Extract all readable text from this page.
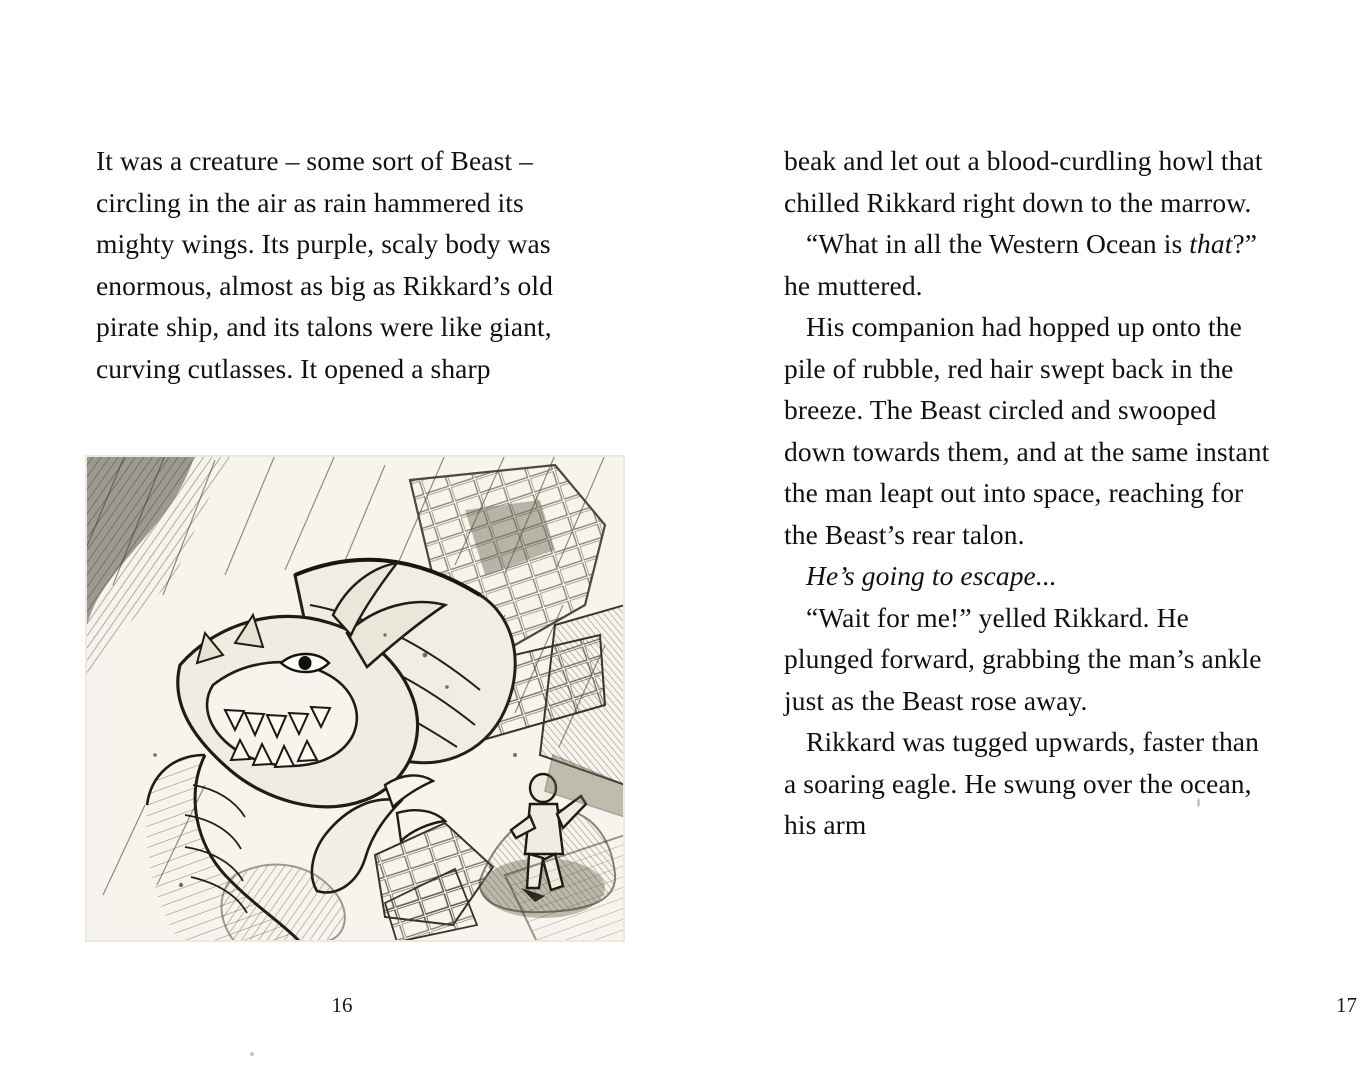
It was a creature – some sort of Beast – circling in the air as rain hammered its mighty wings. Its purple, scaly body was enormous, almost as big as Rikkard’s old pirate ship, and its talons were like giant, curving cutlasses. It opened a sharp

16

beak and let out a blood-curdling howl that chilled Rikkard right down to the marrow.

“What in all the Western Ocean is that?” he muttered.

His companion had hopped up onto the pile of rubble, red hair swept back in the breeze. The Beast circled and swooped down towards them, and at the same instant the man leapt out into space, reaching for the Beast’s rear talon.

He’s going to escape...

“Wait for me!” yelled Rikkard. He plunged forward, grabbing the man’s ankle just as the Beast rose away.

Rikkard was tugged upwards, faster than a soaring eagle. He swung over the ocean, his arm

17
